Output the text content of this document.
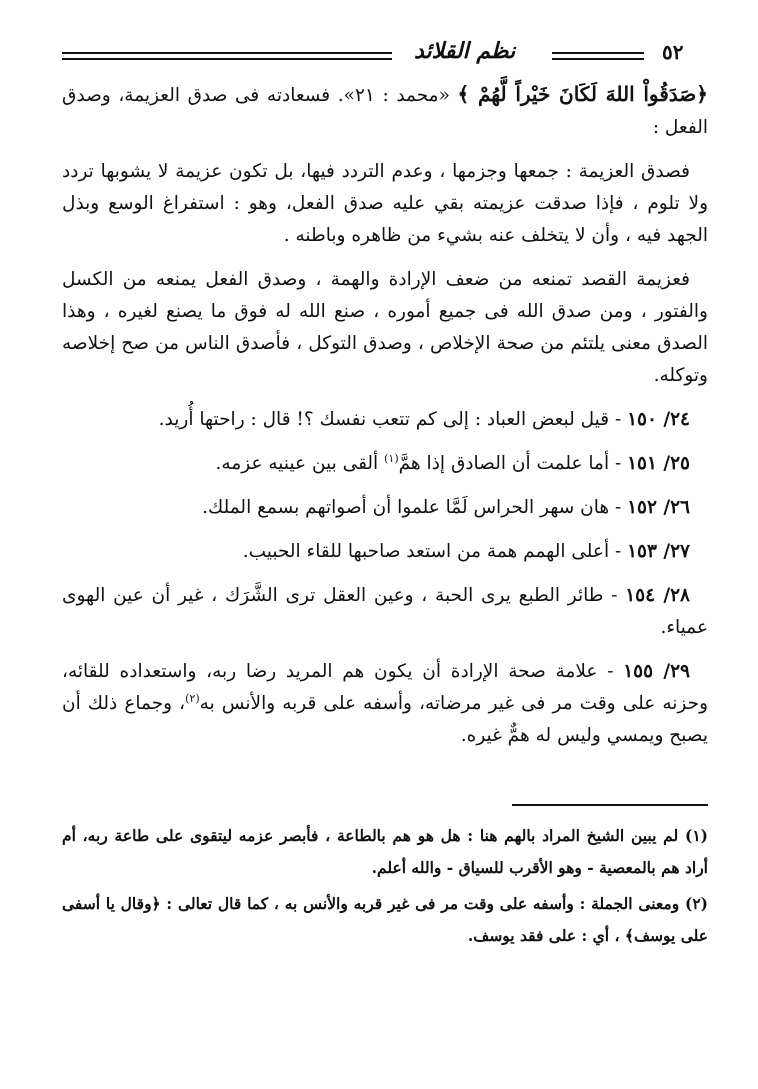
٥٢
نظم القلائد

﴿صَدَقُواْ اللهَ لَكَانَ خَيْراً لَّهُمْ ﴾ «محمد : ٢١». فسعادته فى صدق العزيمة، وصدق الفعل :

فصدق العزيمة : جمعها وجزمها ، وعدم التردد فيها، بل تكون عزيمة لا يشوبها تردد ولا تلوم ، فإذا صدقت عزيمته بقي عليه صدق الفعل، وهو : استفراغ الوسع وبذل الجهد فيه ، وأن لا يتخلف عنه بشيء من ظاهره وباطنه .

فعزيمة القصد تمنعه من ضعف الإرادة والهمة ، وصدق الفعل يمنعه من الكسل والفتور ، ومن صدق الله فى جميع أموره ، صنع الله له فوق ما يصنع لغيره ، وهذا الصدق معنى يلتئم من صحة الإخلاص ، وصدق التوكل ، فأصدق الناس من صح إخلاصه وتوكله.

٢٤/ ١٥٠ - قيل لبعض العباد : إلى كم تتعب نفسك ؟! قال : راحتها أُريد.

٢٥/ ١٥١ - أما علمت أن الصادق إذا همَّ$^{(١)}$ ألقى بين عينيه عزمه.

٢٦/ ١٥٢ - هان سهر الحراس لَمَّا علموا أن أصواتهم بسمع الملك.

٢٧/ ١٥٣ - أعلى الهمم همة من استعد صاحبها للقاء الحبيب.

٢٨/ ١٥٤ - طائر الطبع يرى الحبة ، وعين العقل ترى الشَّرَك ، غير أن عين الهوى عمياء.

٢٩/ ١٥٥ - علامة صحة الإرادة أن يكون هم المريد رضا ربه، واستعداده للقائه، وحزنه على وقت مر فى غير مرضاته، وأسفه على قربه والأنس به$^{(٢)}$، وجماع ذلك أن يصبح ويمسي وليس له همٌّ غيره.

(١) لم يبين الشيخ المراد بالهم هنا : هل هو هم بالطاعة ، فأبصر عزمه ليتقوى على طاعة ربه، أم أراد هم بالمعصية - وهو الأقرب للسياق - والله أعلم.

(٢) ومعنى الجملة : وأسفه على وقت مر فى غير قربه والأنس به ، كما قال تعالى : ﴿وقال يا أسفى على يوسف﴾ ، أي : على فقد يوسف.
